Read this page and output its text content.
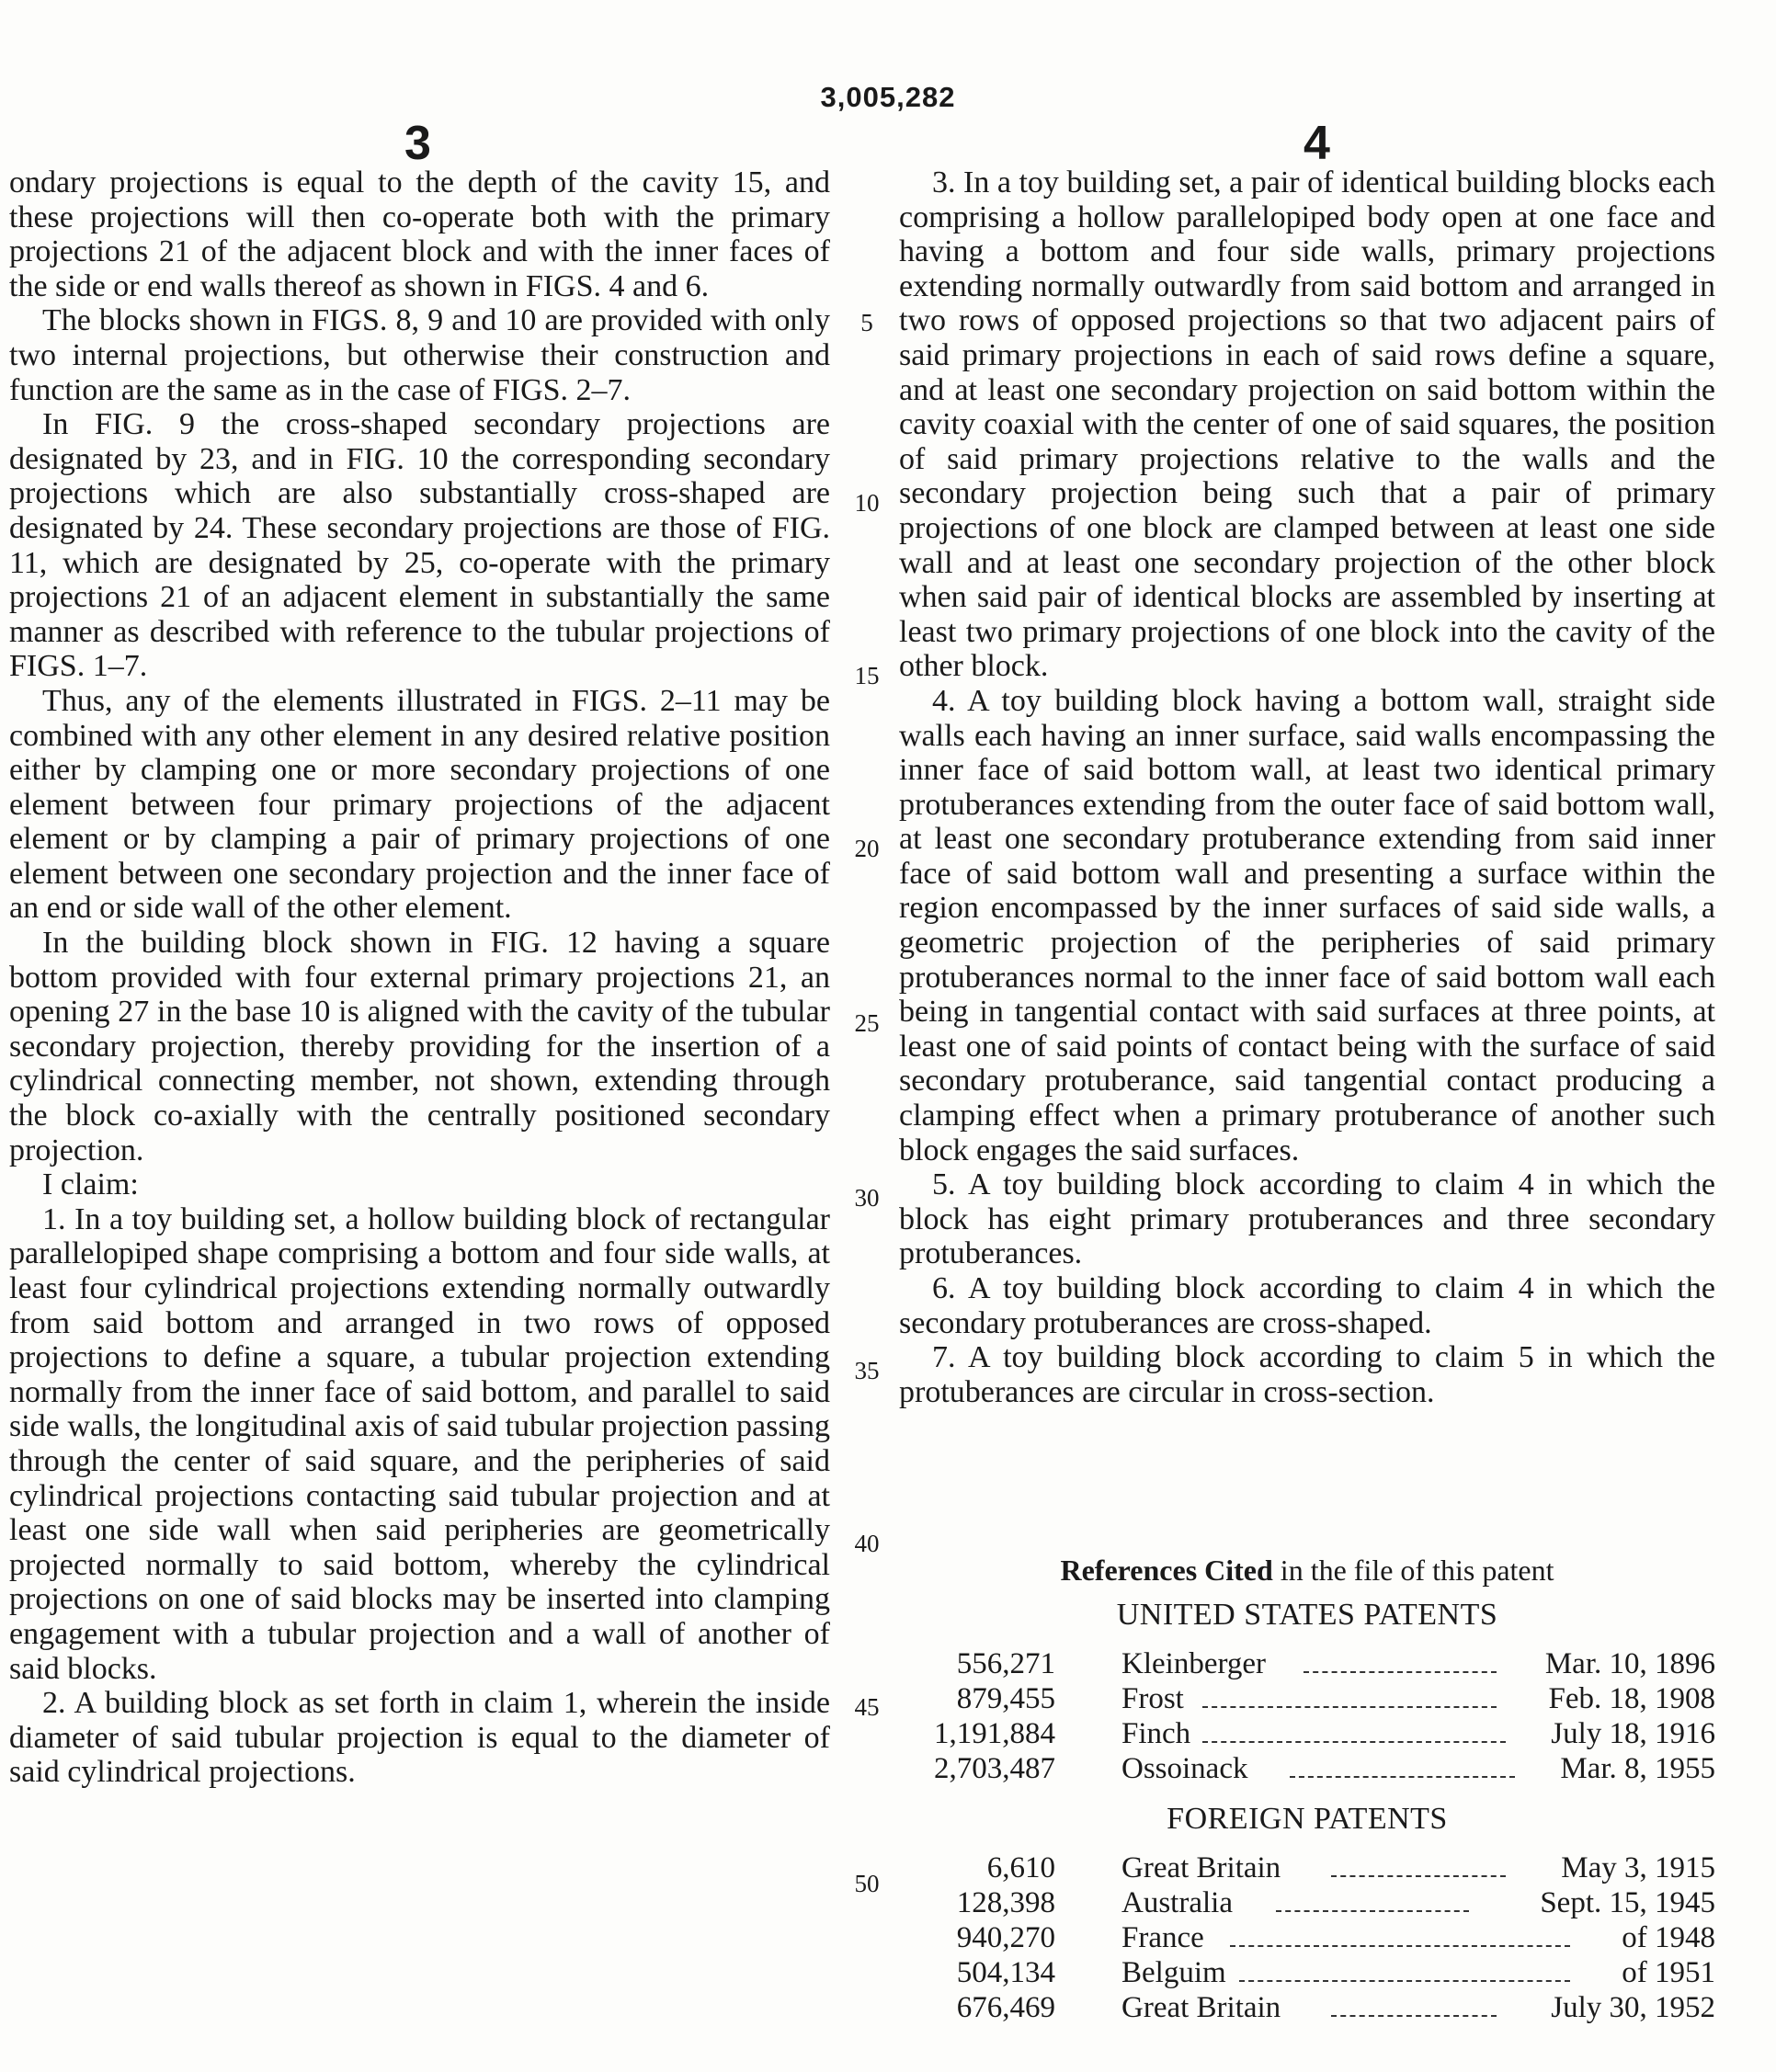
3,005,282
3	4

ondary projections is equal to the depth of the cavity 15, and these projections will then co-operate both with the primary projections 21 of the adjacent block and with the inner faces of the side or end walls thereof as shown in FIGS. 4 and 6.

The blocks shown in FIGS. 8, 9 and 10 are provided with only two internal projections, but otherwise their construction and function are the same as in the case of FIGS. 2–7.

In FIG. 9 the cross-shaped secondary projections are designated by 23, and in FIG. 10 the corresponding secondary projections which are also substantially cross-shaped are designated by 24. These secondary projections are those of FIG. 11, which are designated by 25, co-operate with the primary projections 21 of an adjacent element in substantially the same manner as described with reference to the tubular projections of FIGS. 1–7.

Thus, any of the elements illustrated in FIGS. 2–11 may be combined with any other element in any desired relative position either by clamping one or more secondary projections of one element between four primary projections of the adjacent element or by clamping a pair of primary projections of one element between one secondary projection and the inner face of an end or side wall of the other element.

In the building block shown in FIG. 12 having a square bottom provided with four external primary projections 21, an opening 27 in the base 10 is aligned with the cavity of the tubular secondary projection, thereby providing for the insertion of a cylindrical connecting member, not shown, extending through the block co-axially with the centrally positioned secondary projection.

I claim:

1. In a toy building set, a hollow building block of rectangular parallelopiped shape comprising a bottom and four side walls, at least four cylindrical projections extending normally outwardly from said bottom and arranged in two rows of opposed projections to define a square, a tubular projection extending normally from the inner face of said bottom, and parallel to said side walls, the longitudinal axis of said tubular projection passing through the center of said square, and the peripheries of said cylindrical projections contacting said tubular projection and at least one side wall when said peripheries are geometrically projected normally to said bottom, whereby the cylindrical projections on one of said blocks may be inserted into clamping engagement with a tubular projection and a wall of another of said blocks.

2. A building block as set forth in claim 1, wherein the inside diameter of said tubular projection is equal to the diameter of said cylindrical projections.

5
10
15
20
25
30
35
40
45
50

3. In a toy building set, a pair of identical building blocks each comprising a hollow parallelopiped body open at one face and having a bottom and four side walls, primary projections extending normally outwardly from said bottom and arranged in two rows of opposed projections so that two adjacent pairs of said primary projections in each of said rows define a square, and at least one secondary projection on said bottom within the cavity coaxial with the center of one of said squares, the position of said primary projections relative to the walls and the secondary projection being such that a pair of primary projections of one block are clamped between at least one side wall and at least one secondary projection of the other block when said pair of identical blocks are assembled by inserting at least two primary projections of one block into the cavity of the other block.

4. A toy building block having a bottom wall, straight side walls each having an inner surface, said walls encompassing the inner face of said bottom wall, at least two identical primary protuberances extending from the outer face of said bottom wall, at least one secondary protuberance extending from said inner face of said bottom wall and presenting a surface within the region encompassed by the inner surfaces of said side walls, a geometric projection of the peripheries of said primary protuberances normal to the inner face of said bottom wall each being in tangential contact with said surfaces at three points, at least one of said points of contact being with the surface of said secondary protuberance, said tangential contact producing a clamping effect when a primary protuberance of another such block engages the said surfaces.

5. A toy building block according to claim 4 in which the block has eight primary protuberances and three secondary protuberances.

6. A toy building block according to claim 4 in which the secondary protuberances are cross-shaped.

7. A toy building block according to claim 5 in which the protuberances are circular in cross-section.

References Cited in the file of this patent
UNITED STATES PATENTS
556,271 Kleinberger	Mar. 10, 1896
879,455 Frost	Feb. 18, 1908
1,191,884 Finch	July 18, 1916
2,703,487 Ossoinack	Mar. 8, 1955
FOREIGN PATENTS
6,610 Great Britain	May 3, 1915
128,398 Australia	Sept. 15, 1945
940,270 France	of 1948
504,134 Belguim	of 1951
676,469 Great Britain	July 30, 1952
